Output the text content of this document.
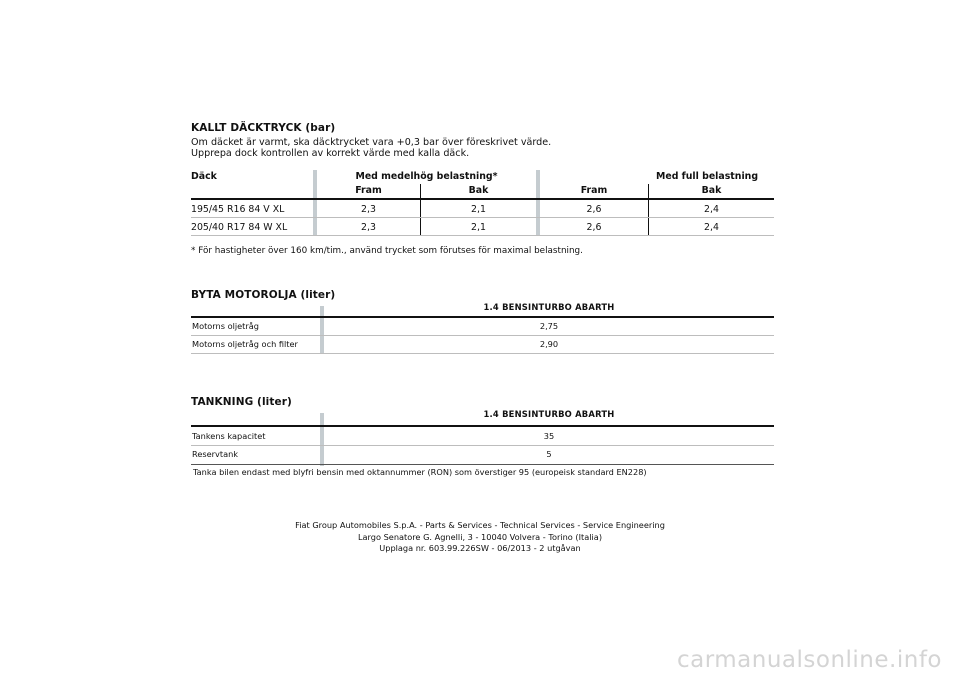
KALLT DÄCKTRYCK (bar)
Om däcket är varmt, ska däcktrycket vara +0,3 bar över föreskrivet värde.
Upprepa dock kontrollen av korrekt värde med kalla däck.
Däck	Med medelhög belastning*	Med full belastning
Fram	Bak	Fram	Bak
195/45 R16 84 V XL	2,3	2,1	2,6	2,4
205/40 R17 84 W XL	2,3	2,1	2,6	2,4
* För hastigheter över 160 km/tim., använd trycket som förutses för maximal belastning.
BYTA MOTOROLJA (liter)
1.4 BENSINTURBO ABARTH
Motorns oljetråg	2,75
Motorns oljetråg och filter	2,90
TANKNING (liter)
1.4 BENSINTURBO ABARTH
Tankens kapacitet	35
Reservtank	5
Tanka bilen endast med blyfri bensin med oktannummer (RON) som överstiger 95 (europeisk standard EN228)
Fiat Group Automobiles S.p.A. - Parts & Services - Technical Services - Service Engineering
Largo Senatore G. Agnelli, 3 - 10040 Volvera - Torino (Italia)
Upplaga nr. 603.99.226SW - 06/2013 - 2 utgåvan
carmanualsonline.info
